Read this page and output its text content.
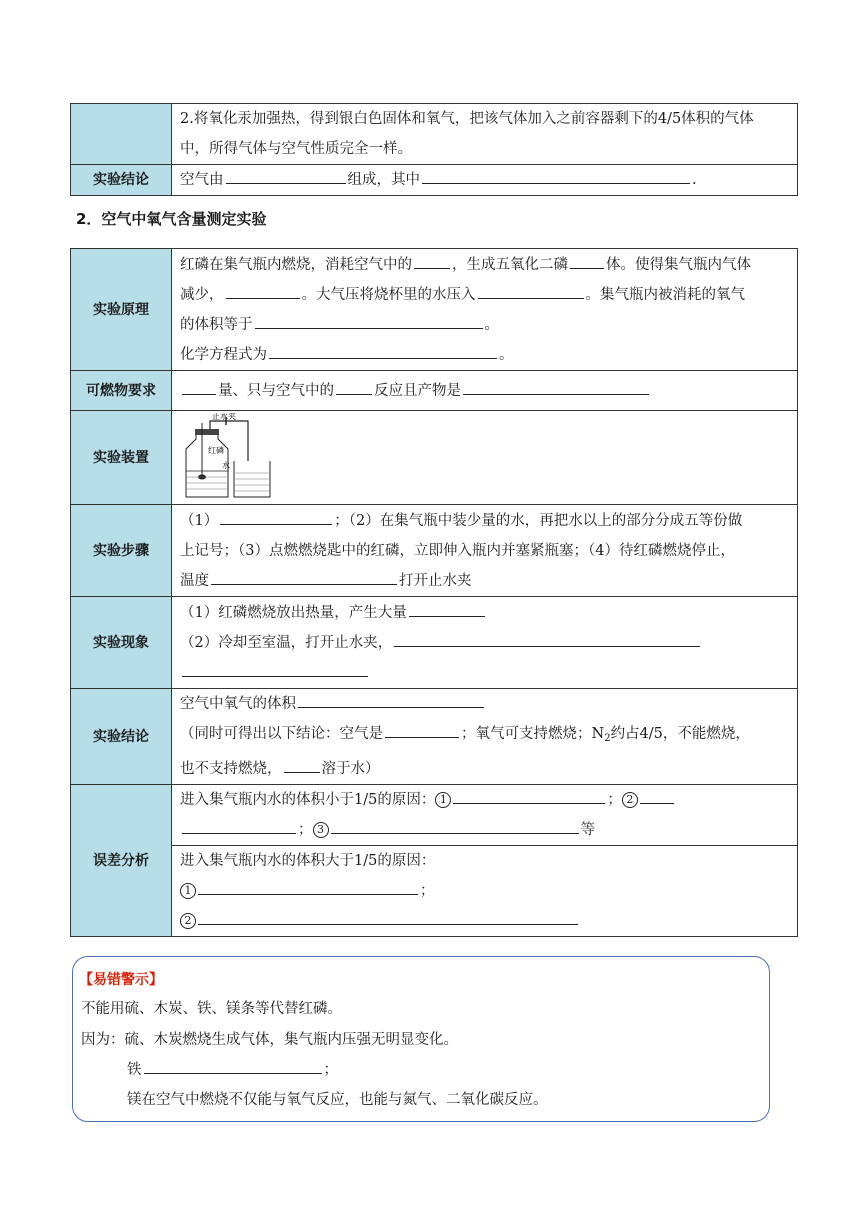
	2.将氧化汞加强热，得到银白色固体和氧气，把该气体加入之前容器剩下的4/5体积的气体
中，所得气体与空气性质完全一样。

实验结论	空气由 组成，其中 .
2．空气中氧气含量测定实验
实验原理	红磷在集气瓶内燃烧，消耗空气中的 ，生成五氧化二磷 体。使得集气瓶内气体
减少， 。大气压将烧杯里的水压入 。集气瓶内被消耗的氧气
的体积等于 。
化学方程式为 。

可燃物要求	量、只与空气中的 反应且产物是
实验装置	止水夹
红磷
水

实验步骤	（1） ；（2）在集气瓶中装少量的水，再把水以上的部分分成五等份做
上记号；（3）点燃燃烧匙中的红磷，立即伸入瓶内并塞紧瓶塞；（4）待红磷燃烧停止，
温度 打开止水夹

实验现象	（1）红磷燃烧放出热量，产生大量
（2）冷却至室温，打开止水夹，

实验结论	空气中氧气的体积
（同时可得出以下结论：空气是 ；氧气可支持燃烧；$N_2$约占4/5，不能燃烧，
也不支持燃烧， 溶于水）

误差分析	进入集气瓶内水的体积小于1/5的原因： 1 ； 2
； 3 等

	进入集气瓶内水的体积大于1/5的原因：
1 ；
2
【易错警示】
不能用硫、木炭、铁、镁条等代替红磷。
因为：硫、木炭燃烧生成气体，集气瓶内压强无明显变化。
铁	；
镁在空气中燃烧不仅能与氧气反应，也能与氮气、二氧化碳反应。
